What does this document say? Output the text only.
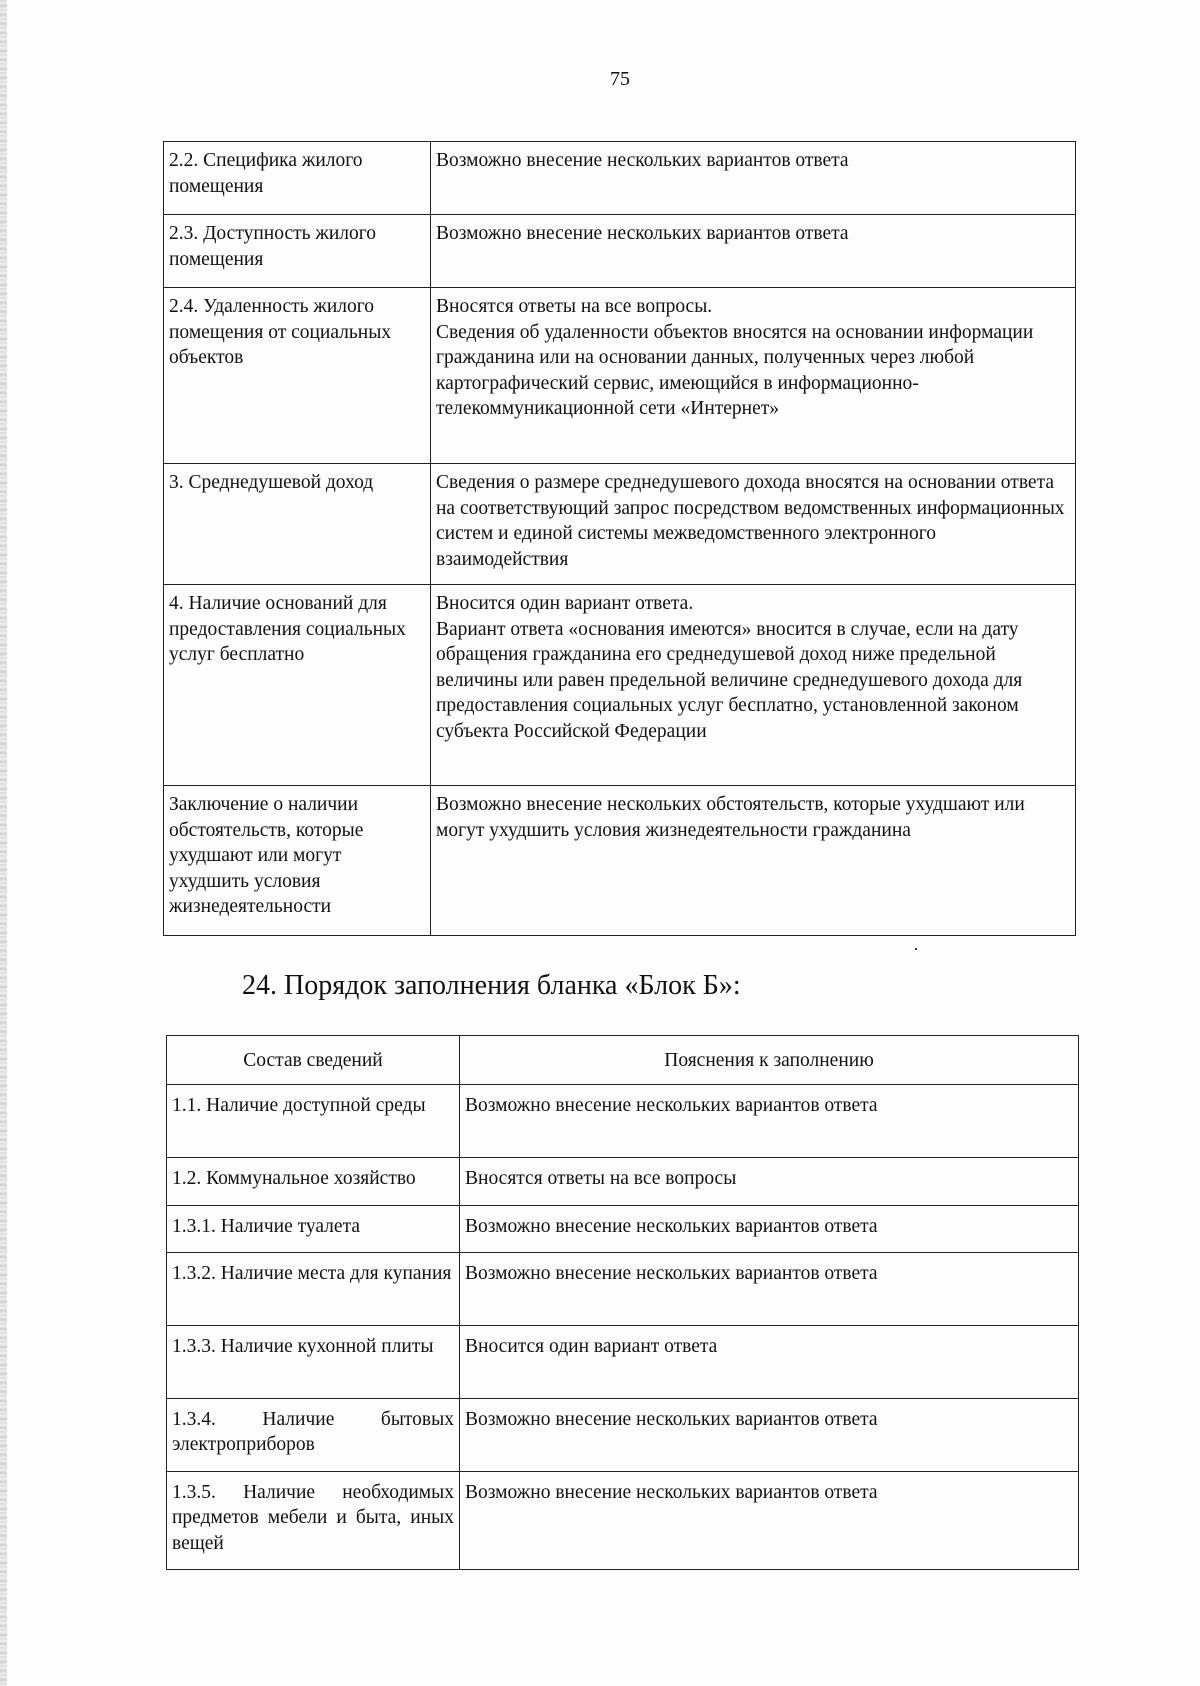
75
2.2. Специфика жилого помещения	Возможно внесение нескольких вариантов ответа
2.3. Доступность жилого помещения	Возможно внесение нескольких вариантов ответа
2.4. Удаленность жилого помещения от социальных объектов	Вносятся ответы на все вопросы.
Сведения об удаленности объектов вносятся на основании информации гражданина или на основании данных, полученных через любой картографический сервис, имеющийся в информационно-телекоммуникационной сети «Интернет»
3. Среднедушевой доход	Сведения о размере среднедушевого дохода вносятся на основании ответа на соответствующий запрос посредством ведомственных информационных систем и единой системы межведомственного электронного взаимодействия
4. Наличие оснований для предоставления социальных услуг бесплатно	Вносится один вариант ответа.
Вариант ответа «основания имеются» вносится в случае, если на дату обращения гражданина его среднедушевой доход ниже предельной величины или равен предельной величине среднедушевого дохода для предоставления социальных услуг бесплатно, установленной законом субъекта Российской Федерации
Заключение о наличии обстоятельств, которые ухудшают или могут ухудшить условия жизнедеятельности	Возможно внесение нескольких обстоятельств, которые ухудшают или могут ухудшить условия жизнедеятельности гражданина
24. Порядок заполнения бланка «Блок Б»:
Состав сведений	Пояснения к заполнению
1.1. Наличие доступной среды	Возможно внесение нескольких вариантов ответа
1.2. Коммунальное хозяйство	Вносятся ответы на все вопросы
1.3.1. Наличие туалета	Возможно внесение нескольких вариантов ответа
1.3.2. Наличие места для купания	Возможно внесение нескольких вариантов ответа
1.3.3. Наличие кухонной плиты	Вносится один вариант ответа
1.3.4. Наличие бытовых электроприборов	Возможно внесение нескольких вариантов ответа
1.3.5. Наличие необходимых предметов мебели и быта, иных вещей	Возможно внесение нескольких вариантов ответа
